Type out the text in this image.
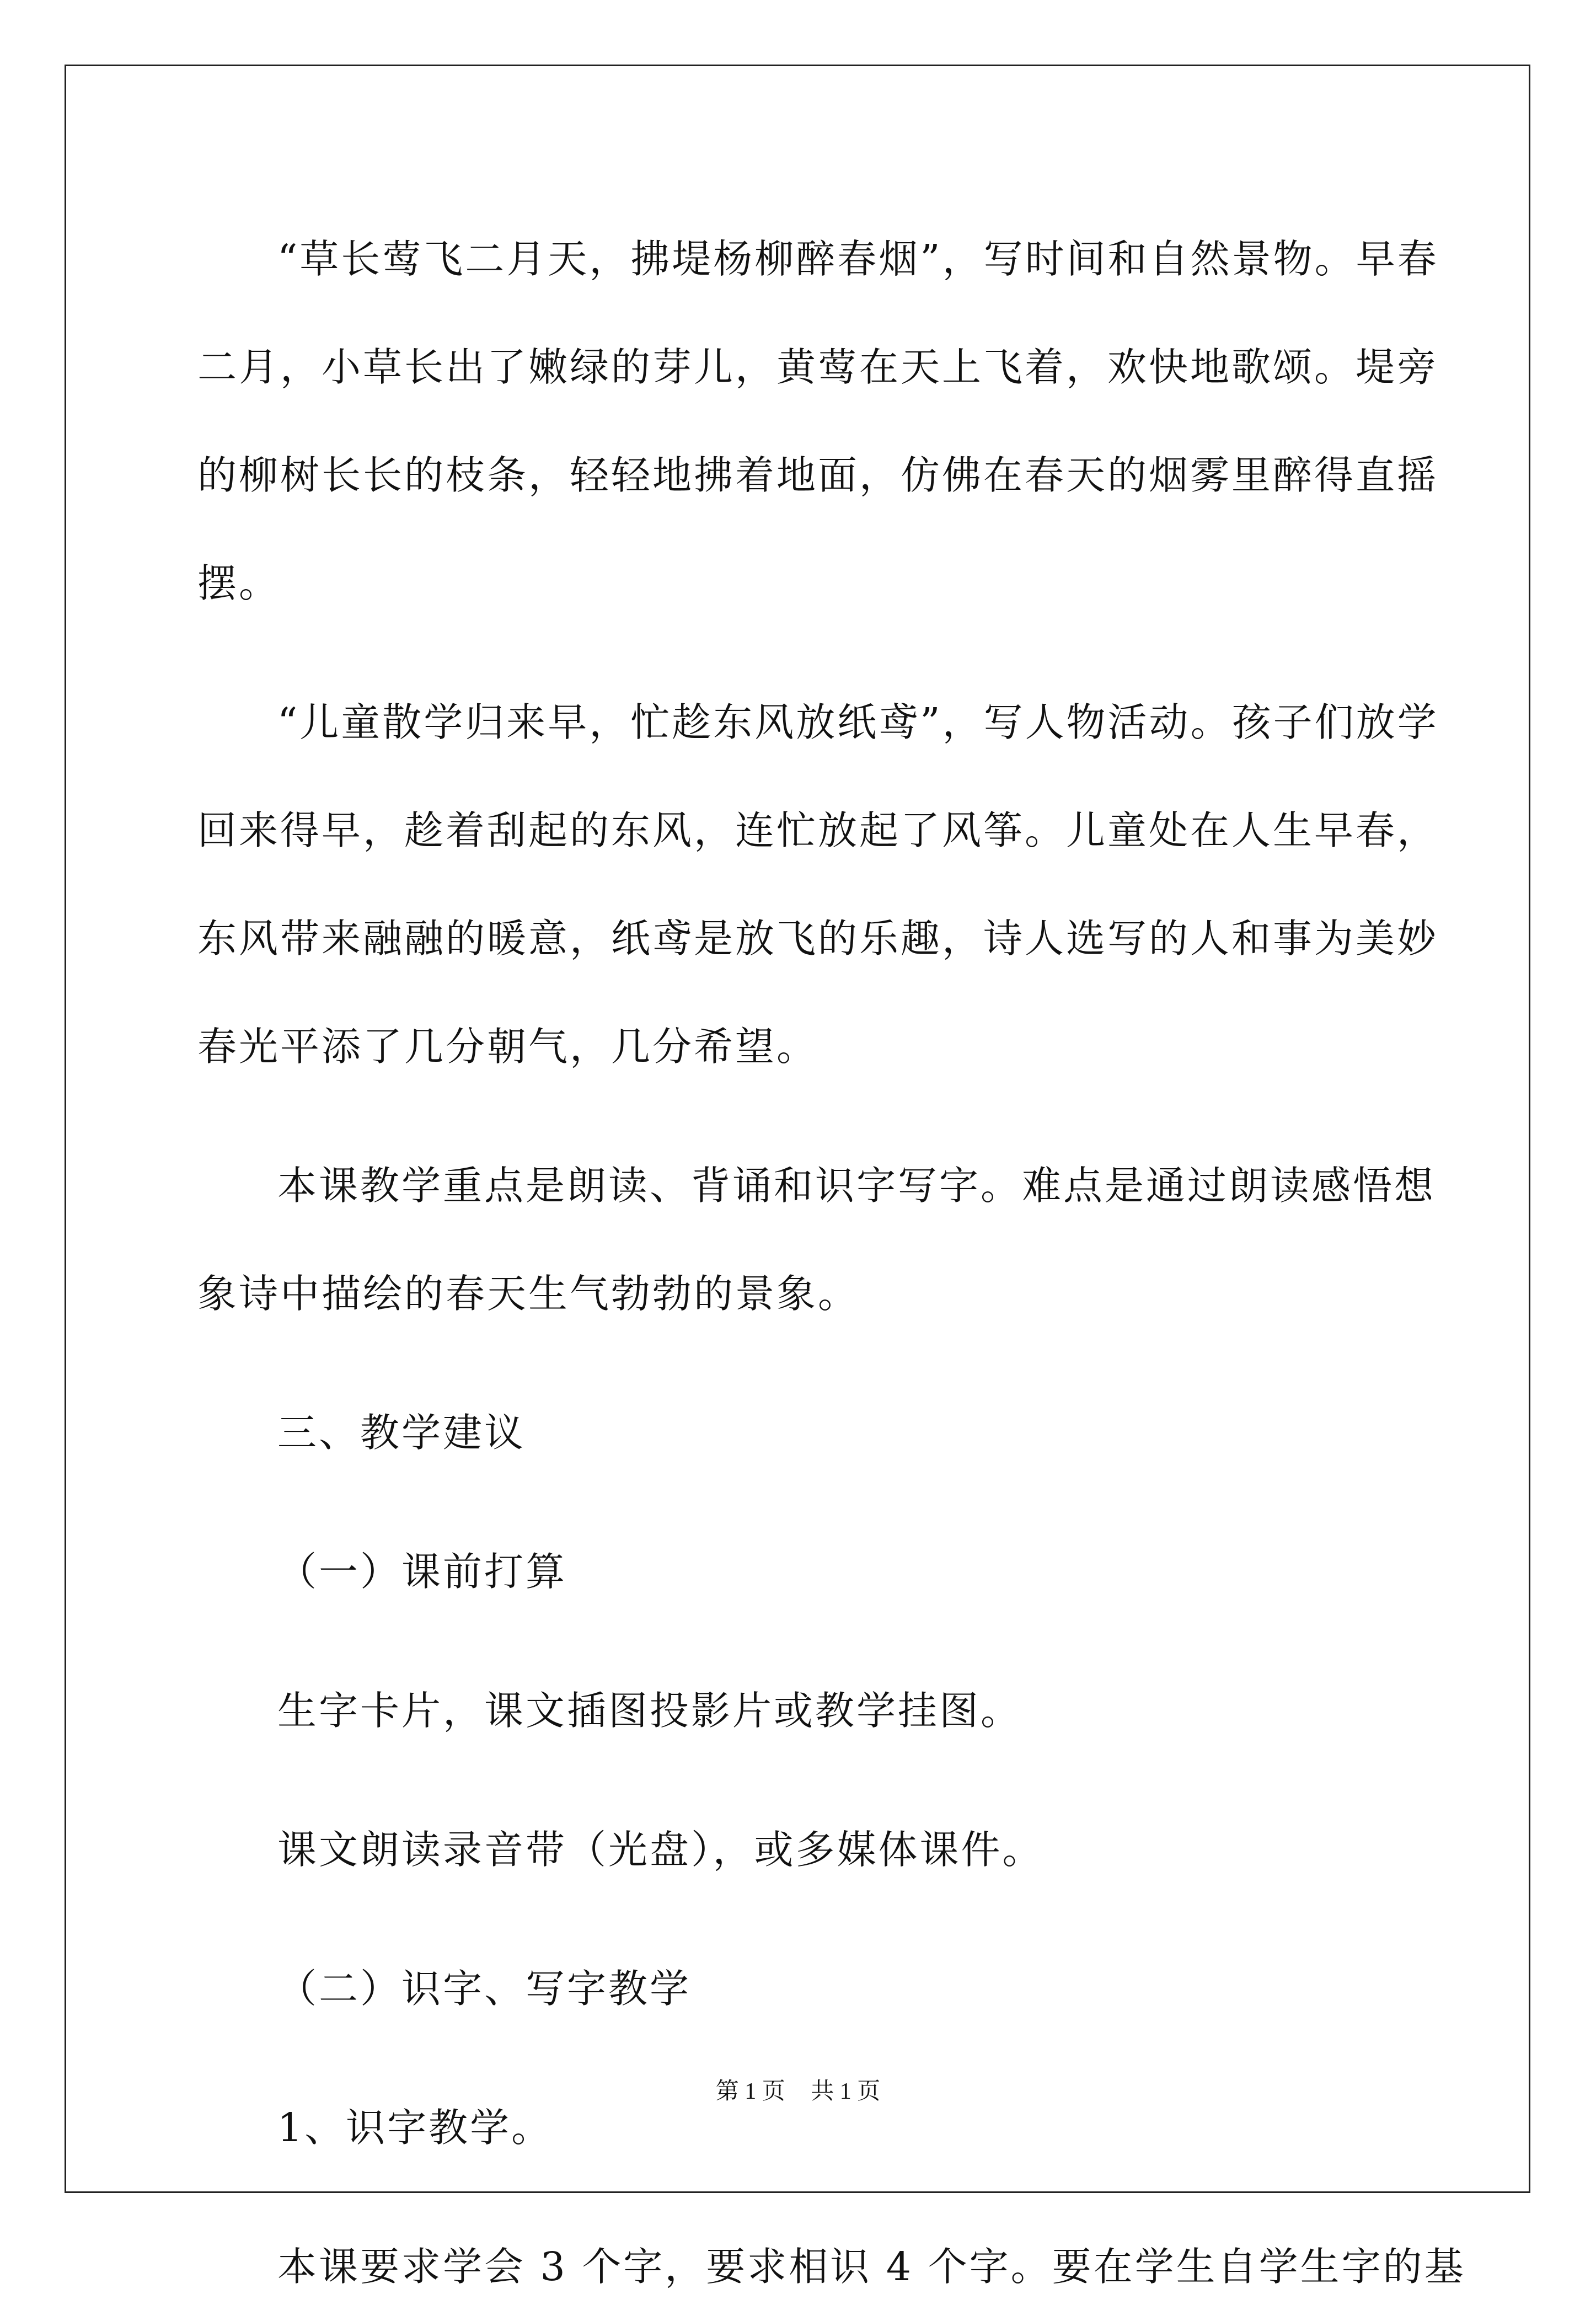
“草长莺飞二月天，拂堤杨柳醉春烟”，写时间和自然景物。早春
二月，小草长出了嫩绿的芽儿，黄莺在天上飞着，欢快地歌颂。堤旁
的柳树长长的枝条，轻轻地拂着地面，仿佛在春天的烟雾里醉得直摇
摆。
“儿童散学归来早，忙趁东风放纸鸢”，写人物活动。孩子们放学
回来得早，趁着刮起的东风，连忙放起了风筝。儿童处在人生早春，
东风带来融融的暖意，纸鸢是放飞的乐趣，诗人选写的人和事为美妙
春光平添了几分朝气，几分希望。
本课教学重点是朗读、背诵和识字写字。难点是通过朗读感悟想
象诗中描绘的春天生气勃勃的景象。
三、教学建议
（一）课前打算
生字卡片，课文插图投影片或教学挂图。
课文朗读录音带（光盘），或多媒体课件。
（二）识字、写字教学
1、识字教学。
本课要求学会 3 个字，要求相识 4 个字。要在学生自学生字的基
第 1 页 共 1 页
